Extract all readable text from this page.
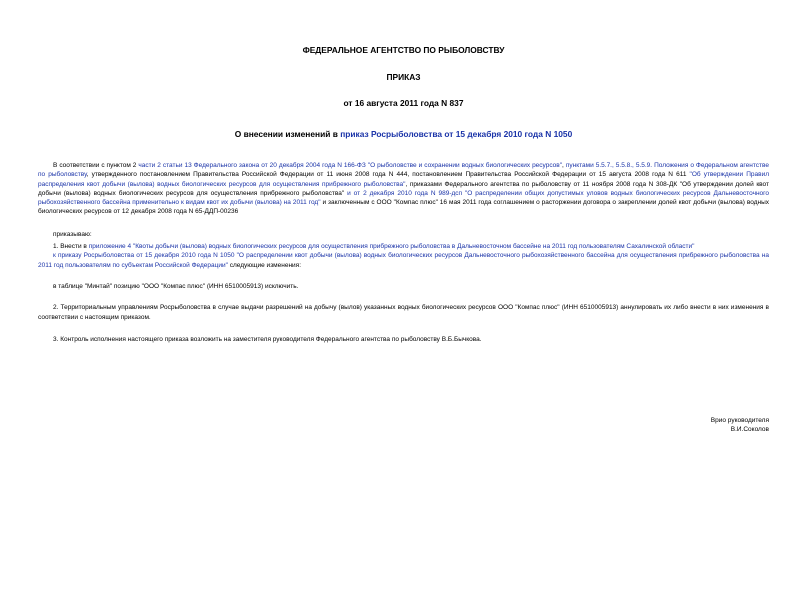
ФЕДЕРАЛЬНОЕ АГЕНТСТВО ПО РЫБОЛОВСТВУ
ПРИКАЗ
от 16 августа 2011 года N 837
О внесении изменений в приказ Росрыболовства от 15 декабря 2010 года N 1050

В соответствии с пунктом 2 части 2 статьи 13 Федерального закона от 20 декабря 2004 года N 166-ФЗ "О рыболовстве и сохранении водных биологических ресурсов", пунктами 5.5.7., 5.5.8., 5.5.9. Положения о Федеральном агентстве по рыболовству, утвержденного постановлением Правительства Российской Федерации от 11 июня 2008 года N 444, постановлением Правительства Российской Федерации от 15 августа 2008 года N 611 "Об утверждении Правил распределения квот добычи (вылова) водных биологических ресурсов для осуществления прибрежного рыболовства", приказами Федерального агентства по рыболовству от 11 ноября 2008 года N 308-ДК "Об утверждении долей квот добычи (вылова) водных биологических ресурсов для осуществления прибрежного рыболовства" и от 2 декабря 2010 года N 989-дсп "О распределении общих допустимых уловов водных биологических ресурсов Дальневосточного рыбохозяйственного бассейна применительно к видам квот их добычи (вылова) на 2011 год" и заключенным с ООО "Компас плюс" 16 мая 2011 года соглашением о расторжении договора о закреплении долей квот добычи (вылова) водных биологических ресурсов от 12 декабря 2008 года N 65-ДДП-00236

приказываю:

1. Внести в приложение 4 "Квоты добычи (вылова) водных биологических ресурсов для осуществления прибрежного рыболовства в Дальневосточном бассейне на 2011 год пользователям Сахалинской области"

к приказу Росрыболовства от 15 декабря 2010 года N 1050 "О распределении квот добычи (вылова) водных биологических ресурсов Дальневосточного рыбохозяйственного бассейна для осуществления прибрежного рыболовства на 2011 год пользователям по субъектам Российской Федерации" следующие изменения:

в таблице "Минтай" позицию "ООО "Компас плюс" (ИНН 6510005913) исключить.

2. Территориальным управлениям Росрыболовства в случае выдачи разрешений на добычу (вылов) указанных водных биологических ресурсов ООО "Компас плюс" (ИНН 6510005913) аннулировать их либо внести в них изменения в соответствии с настоящим приказом.

3. Контроль исполнения настоящего приказа возложить на заместителя руководителя Федерального агентства по рыболовству В.Б.Бычкова.

Врио руководителя
В.И.Соколов
